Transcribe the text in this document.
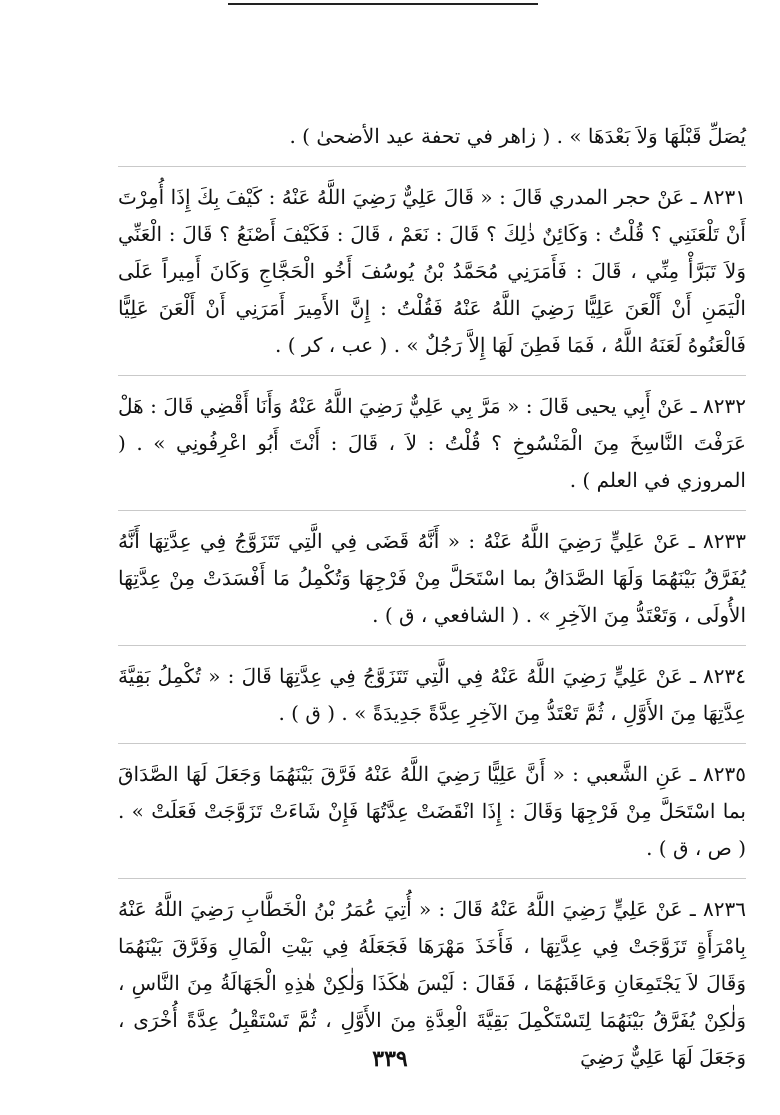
يُصَلِّ قَبْلَهَا وَلاَ بَعْدَهَا » . ( زاهر في تحفة عيد الأضحىٰ ) .

٨٢٣١ ـ عَنْ حجر المدري قَالَ : « قَالَ عَلِيٌّ رَضِيَ اللَّهُ عَنْهُ : كَيْفَ بِكَ إِذَا أُمِرْتَ أَنْ تَلْعَنَنِي ؟ قُلْتُ : وَكَائِنٌ ذٰلِكَ ؟ قَالَ : نَعَمْ ، قَالَ : فَكَيْفَ أَصْنَعُ ؟ قَالَ : الْعَنِّي وَلاَ تَبَرَّأْ مِنِّي ، قَالَ : فَأَمَرَنِي مُحَمَّدُ بْنُ يُوسُفَ أَخُو الْحَجَّاجِ وَكَانَ أَمِيراً عَلَى الْيَمَنِ أَنْ أَلْعَنَ عَلِيًّا رَضِيَ اللَّهُ عَنْهُ فَقُلْتُ : إِنَّ الأَمِيرَ أَمَرَنِي أَنْ أَلْعَنَ عَلِيًّا فَالْعَنُوهُ لَعَنَهُ اللَّهُ ، فَمَا فَطِنَ لَهَا إِلاَّ رَجُلٌ » . ( عب ، كر ) .

٨٢٣٢ ـ عَنْ أَبِي يحيى قَالَ : « مَرَّ بِي عَلِيٌّ رَضِيَ اللَّهُ عَنْهُ وَأَنَا أَقْضِي قَالَ : هَلْ عَرَفْتَ النَّاسِخَ مِنَ الْمَنْسُوخِ ؟ قُلْتُ : لاَ ، قَالَ : أَنْتَ أَبُو اعْرِفُونِي » . ( المروزي في العلم ) .

٨٢٣٣ ـ عَنْ عَلِيٍّ رَضِيَ اللَّهُ عَنْهُ : « أَنَّهُ قَضَى فِي الَّتِي تَتَزَوَّجُ فِي عِدَّتِهَا أَنَّهُ يُفَرَّقُ بَيْنَهُمَا وَلَهَا الصَّدَاقُ بما اسْتَحَلَّ مِنْ فَرْجِهَا وَتُكْمِلُ مَا أَفْسَدَتْ مِنْ عِدَّتِهَا الأُولَى ، وَتَعْتَدُّ مِنَ الآخِرِ » . ( الشافعي ، ق ) .

٨٢٣٤ ـ عَنْ عَلِيٍّ رَضِيَ اللَّهُ عَنْهُ فِي الَّتِي تَتَزَوَّجُ فِي عِدَّتِهَا قَالَ : « تُكْمِلُ بَقِيَّةَ عِدَّتِهَا مِنَ الأَوَّلِ ، ثُمَّ تَعْتَدُّ مِنَ الآخِرِ عِدَّةً جَدِيدَةً » . ( ق ) .

٨٢٣٥ ـ عَنِ الشَّعبي : « أَنَّ عَلِيًّا رَضِيَ اللَّهُ عَنْهُ فَرَّقَ بَيْنَهُمَا وَجَعَلَ لَهَا الصَّدَاقَ بما اسْتَحَلَّ مِنْ فَرْجِهَا وَقَالَ : إِذَا انْقَضَتْ عِدَّتُهَا فَإِنْ شَاءَتْ تَزَوَّجَتْ فَعَلَتْ » . ( ص ، ق ) .

٨٢٣٦ ـ عَنْ عَلِيٍّ رَضِيَ اللَّهُ عَنْهُ قَالَ : « أُتِيَ عُمَرُ بْنُ الْخَطَّابِ رَضِيَ اللَّهُ عَنْهُ بِامْرَأَةٍ تَزَوَّجَتْ فِي عِدَّتِهَا ، فَأَخَذَ مَهْرَهَا فَجَعَلَهُ فِي بَيْتِ الْمَالِ وَفَرَّقَ بَيْنَهُمَا وَقَالَ لاَ يَجْتَمِعَانِ وَعَاقَبَهُمَا ، فَقَالَ : لَيْسَ هٰكَذَا وَلٰكِنْ هٰذِهِ الْجَهَالَةُ مِنَ النَّاسِ ، وَلٰكِنْ يُفَرَّقُ بَيْنَهُمَا لِتَسْتَكْمِلَ بَقِيَّةَ الْعِدَّةِ مِنَ الأَوَّلِ ، ثُمَّ تَسْتَقْبِلُ عِدَّةً أُخْرَى ، وَجَعَلَ لَهَا عَلِيٌّ رَضِيَ

٣٣٩
